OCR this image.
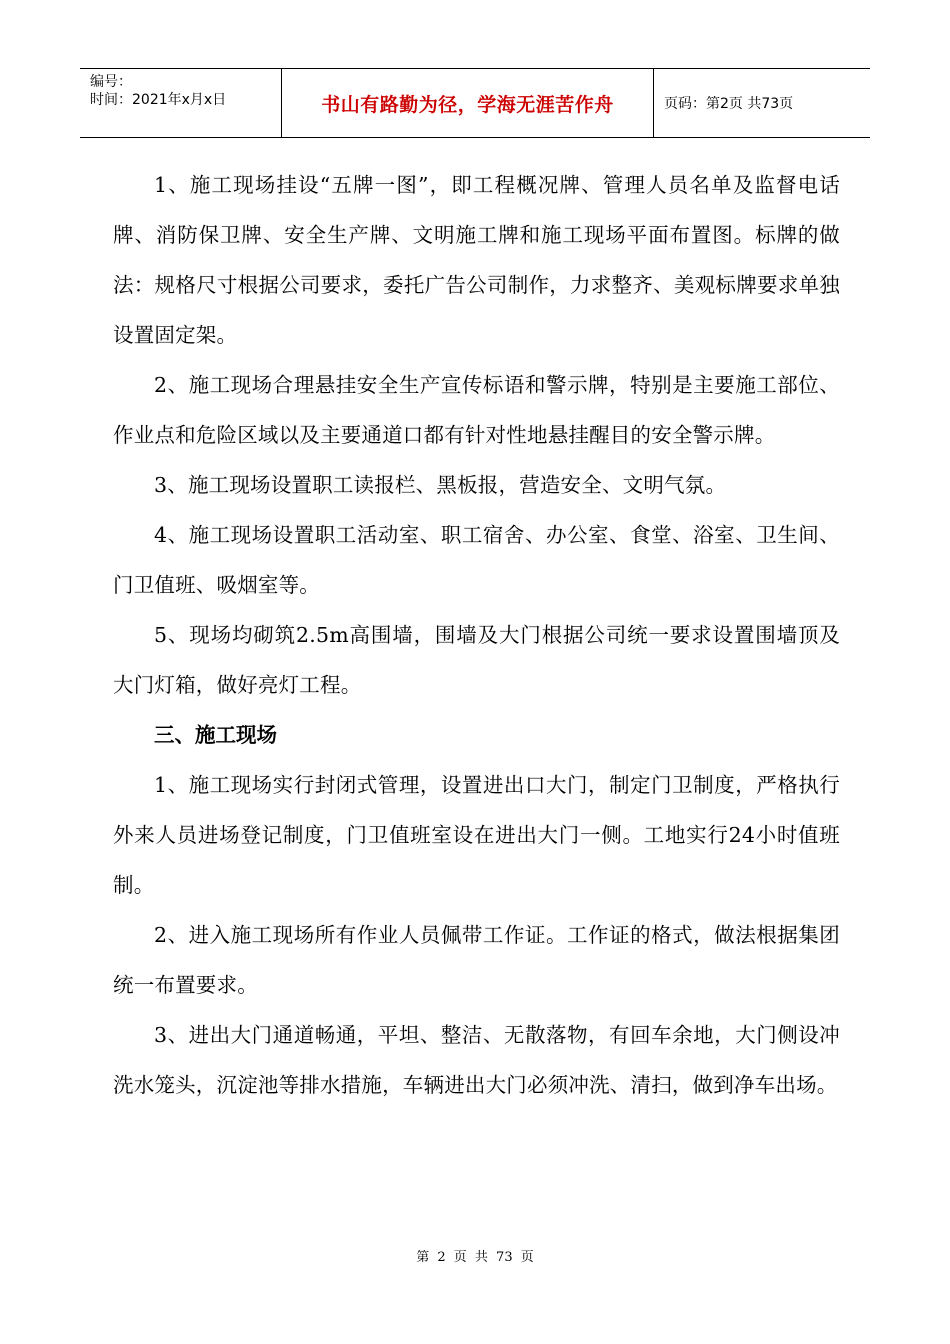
编号：
时间：2021年x月x日	书山有路勤为径，学海无涯苦作舟	页码：第2页 共73页

1、施工现场挂设“五牌一图”，即工程概况牌、管理人员名单及监督电话牌、消防保卫牌、安全生产牌、文明施工牌和施工现场平面布置图。标牌的做法：规格尺寸根据公司要求，委托广告公司制作，力求整齐、美观标牌要求单独设置固定架。

2、施工现场合理悬挂安全生产宣传标语和警示牌，特别是主要施工部位、作业点和危险区域以及主要通道口都有针对性地悬挂醒目的安全警示牌。

3、施工现场设置职工读报栏、黑板报，营造安全、文明气氛。

4、施工现场设置职工活动室、职工宿舍、办公室、食堂、浴室、卫生间、门卫值班、吸烟室等。

5、现场均砌筑2.5m高围墙，围墙及大门根据公司统一要求设置围墙顶及大门灯箱，做好亮灯工程。

三、施工现场

1、施工现场实行封闭式管理，设置进出口大门，制定门卫制度，严格执行外来人员进场登记制度，门卫值班室设在进出大门一侧。工地实行24小时值班制。

2、进入施工现场所有作业人员佩带工作证。工作证的格式，做法根据集团统一布置要求。

3、进出大门通道畅通，平坦、整洁、无散落物，有回车余地，大门侧设冲洗水笼头，沉淀池等排水措施，车辆进出大门必须冲洗、清扫，做到净车出场。

第 2 页 共 73 页
